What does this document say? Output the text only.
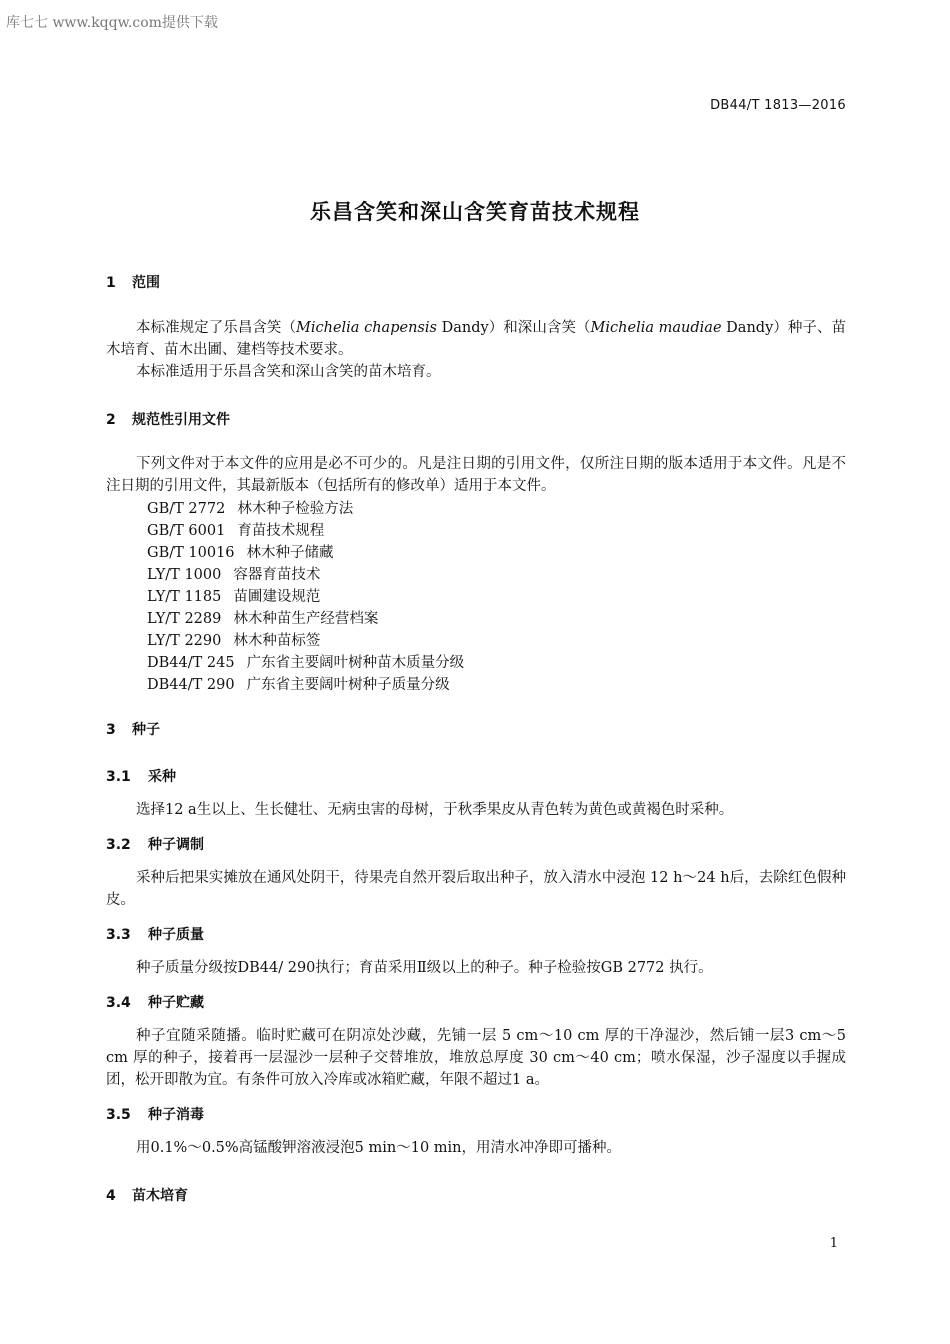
库七七 www.kqqw.com提供下载
DB44/T 1813—2016
乐昌含笑和深山含笑育苗技术规程
1 范围
本标准规定了乐昌含笑（Michelia chapensis Dandy）和深山含笑（Michelia maudiae Dandy）种子、苗木培育、苗木出圃、建档等技术要求。
本标准适用于乐昌含笑和深山含笑的苗木培育。
2 规范性引用文件
下列文件对于本文件的应用是必不可少的。凡是注日期的引用文件，仅所注日期的版本适用于本文件。凡是不注日期的引用文件，其最新版本（包括所有的修改单）适用于本文件。
GB/T 2772 林木种子检验方法
GB/T 6001 育苗技术规程
GB/T 10016 林木种子储藏
LY/T 1000 容器育苗技术
LY/T 1185 苗圃建设规范
LY/T 2289 林木种苗生产经营档案
LY/T 2290 林木种苗标签
DB44/T 245 广东省主要阔叶树种苗木质量分级
DB44/T 290 广东省主要阔叶树种子质量分级
3 种子
3.1 采种
选择12 a生以上、生长健壮、无病虫害的母树，于秋季果皮从青色转为黄色或黄褐色时采种。
3.2 种子调制
采种后把果实摊放在通风处阴干，待果壳自然开裂后取出种子，放入清水中浸泡 12 h～24 h后，去除红色假种皮。
3.3 种子质量
种子质量分级按DB44/ 290执行；育苗采用Ⅱ级以上的种子。种子检验按GB 2772 执行。
3.4 种子贮藏
种子宜随采随播。临时贮藏可在阴凉处沙藏，先铺一层 5 cm～10 cm 厚的干净湿沙，然后铺一层3 cm～5 cm 厚的种子，接着再一层湿沙一层种子交替堆放，堆放总厚度 30 cm～40 cm；喷水保湿，沙子湿度以手握成团，松开即散为宜。有条件可放入冷库或冰箱贮藏，年限不超过1 a。
3.5 种子消毒
用0.1%～0.5%高锰酸钾溶液浸泡5 min～10 min，用清水冲净即可播种。
4 苗木培育
1
